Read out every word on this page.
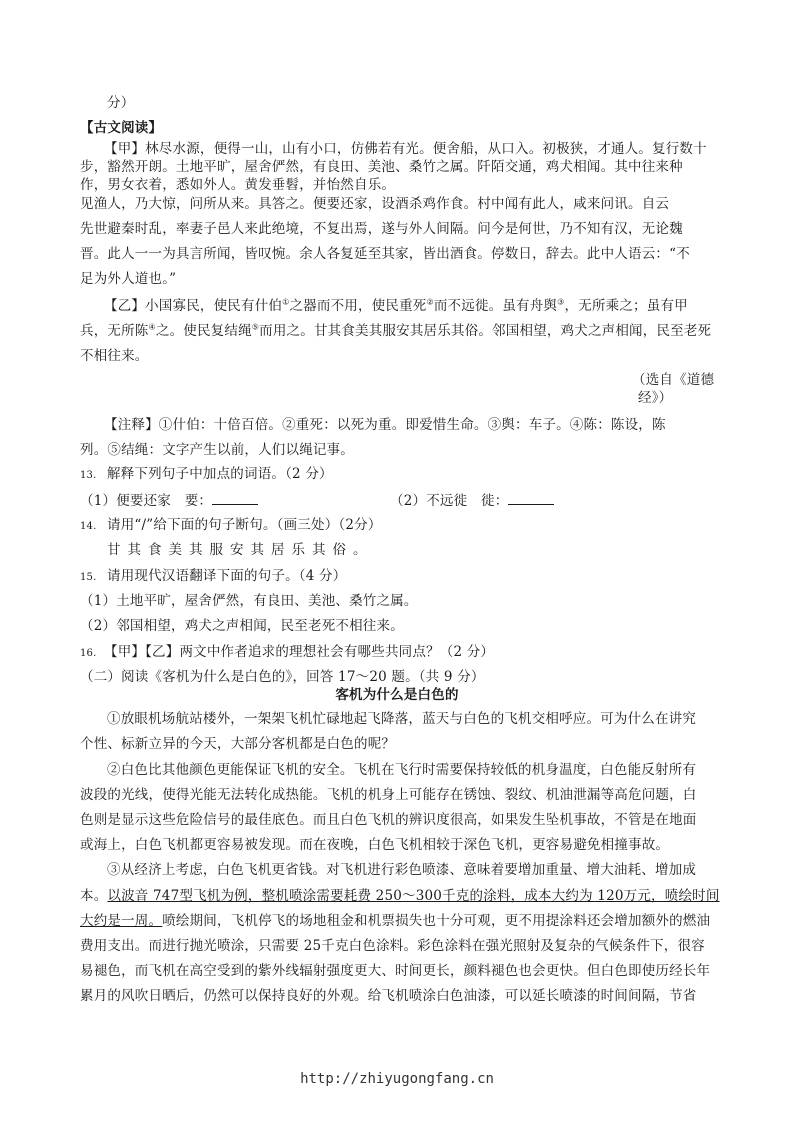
分）
【古文阅读】
【甲】林尽水源，便得一山，山有小口，仿佛若有光。便舍船，从口入。初极狭，才通人。复行数十
步，豁然开朗。土地平旷，屋舍俨然，有良田、美池、桑竹之属。阡陌交通，鸡犬相闻。其中往来种
作，男女衣着，悉如外人。黄发垂髫，并怡然自乐。
见渔人，乃大惊，问所从来。具答之。便要还家，设酒杀鸡作食。村中闻有此人，咸来问讯。自云
先世避秦时乱，率妻子邑人来此绝境，不复出焉，遂与外人间隔。问今是何世，乃不知有汉，无论魏
晋。此人一一为具言所闻，皆叹惋。余人各复延至其家，皆出酒食。停数日，辞去。此中人语云：“不
足为外人道也。”
【乙】小国寡民，使民有什伯①之器而不用，使民重死②而不远徙。虽有舟舆③，无所乘之；虽有甲
兵，无所陈④之。使民复结绳⑤而用之。甘其食美其服安其居乐其俗。邻国相望，鸡犬之声相闻，民至老死
不相往来。
（选自《道德
经》）
【注释】①什伯：十倍百倍。②重死：以死为重。即爱惜生命。③舆：车子。④陈：陈设，陈
列。⑤结绳：文字产生以前，人们以绳记事。
13. 解释下列句子中加点的词语。（2 分）
（1）便要还家　要：	（2）不远徙　徙：
14. 请用“/”给下面的句子断句。（画三处）（2分）
甘其食美其服安其居乐其俗。
15. 请用现代汉语翻译下面的句子。（4 分）
（1）土地平旷，屋舍俨然，有良田、美池、桑竹之属。
（2）邻国相望，鸡犬之声相闻，民至老死不相往来。
16. 【甲】【乙】两文中作者追求的理想社会有哪些共同点？（2 分）
（二）阅读《客机为什么是白色的》，回答 17～20 题。（共 9 分）
客机为什么是白色的
①放眼机场航站楼外，一架架飞机忙碌地起飞降落，蓝天与白色的飞机交相呼应。可为什么在讲究
个性、标新立异的今天，大部分客机都是白色的呢？
②白色比其他颜色更能保证飞机的安全。飞机在飞行时需要保持较低的机身温度，白色能反射所有
波段的光线，使得光能无法转化成热能。飞机的机身上可能存在锈蚀、裂纹、机油泄漏等高危问题，白
色则是显示这些危险信号的最佳底色。而且白色飞机的辨识度很高，如果发生坠机事故，不管是在地面
或海上，白色飞机都更容易被发现。而在夜晚，白色飞机相较于深色飞机，更容易避免相撞事故。
③从经济上考虑，白色飞机更省钱。对飞机进行彩色喷漆、意味着要增加重量、增大油耗、增加成
本。以波音 747型飞机为例，整机喷涂需要耗费 250～300千克的涂料，成本大约为 120万元，喷绘时间
大约是一周。喷绘期间，飞机停飞的场地租金和机票损失也十分可观，更不用提涂料还会增加额外的燃油
费用支出。而进行抛光喷涂，只需要 25千克白色涂料。彩色涂料在强光照射及复杂的气候条件下，很容
易褪色，而飞机在高空受到的紫外线辐射强度更大、时间更长，颜料褪色也会更快。但白色即使历经长年
累月的风吹日晒后，仍然可以保持良好的外观。给飞机喷涂白色油漆，可以延长喷漆的时间间隔，节省
http://zhiyugongfang.cn
